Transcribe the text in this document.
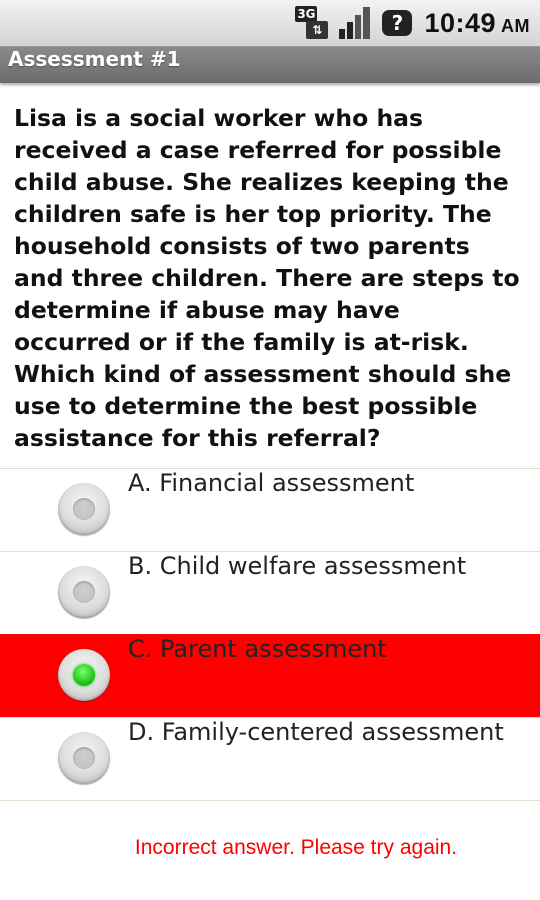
3G
⇅	? 10:49 AM
Assessment #1

Lisa is a social worker who has received a case referred for possible child abuse. She realizes keeping the children safe is her top priority. The household consists of two parents and three children. There are steps to determine if abuse may have occurred or if the family is at-risk. Which kind of assessment should she use to determine the best possible assistance for this referral?

A. Financial assessment
B. Child welfare assessment
C. Parent assessment
D. Family-centered assessment
Incorrect answer. Please try again.
